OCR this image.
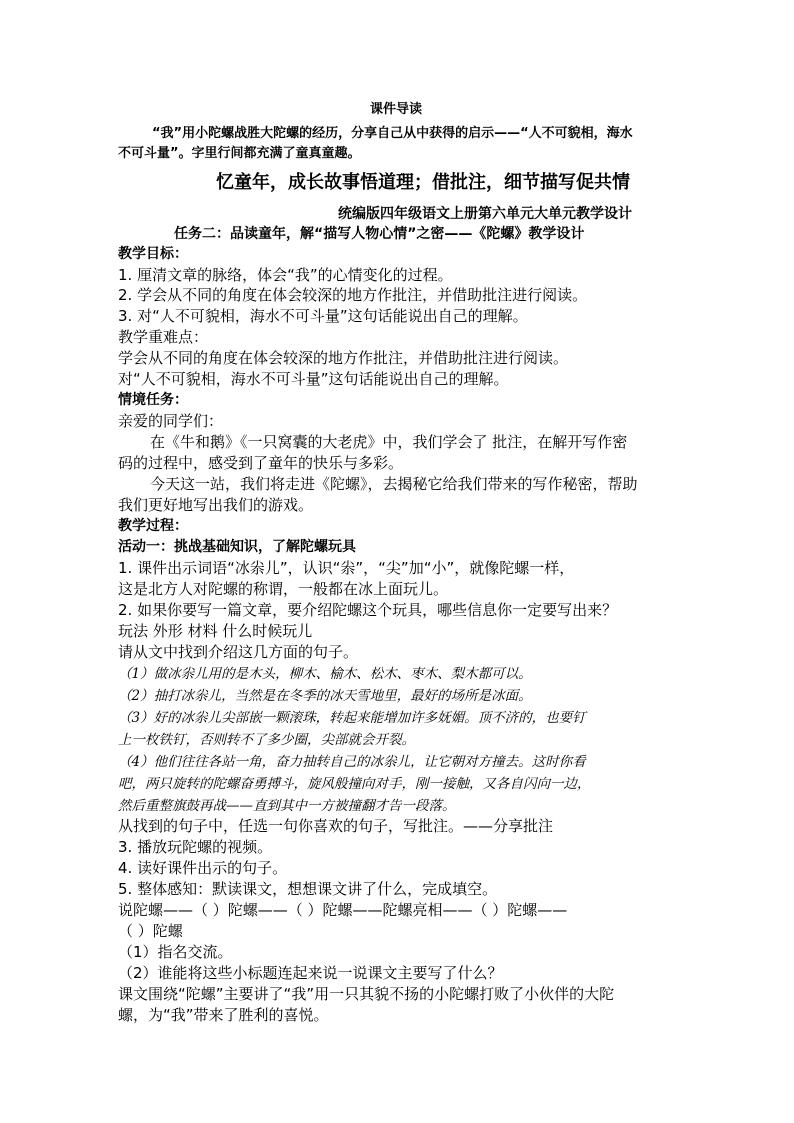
课件导读
“我”用小陀螺战胜大陀螺的经历，分享自己从中获得的启示——“人不可貌相，海水
不可斗量”。字里行间都充满了童真童趣。
忆童年，成长故事悟道理；借批注，细节描写促共情
统编版四年级语文上册第六单元大单元教学设计
任务二：品读童年，解“描写人物心情”之密——《陀螺》教学设计
教学目标：
1. 厘清文章的脉络，体会“我”的心情变化的过程。
2. 学会从不同的角度在体会较深的地方作批注，并借助批注进行阅读。
3. 对“人不可貌相，海水不可斗量”这句话能说出自己的理解。
教学重难点：
学会从不同的角度在体会较深的地方作批注，并借助批注进行阅读。
对“人不可貌相，海水不可斗量”这句话能说出自己的理解。
情境任务：
亲爱的同学们：
在《牛和鹅》《一只窝囊的大老虎》中，我们学会了 批注，在解开写作密
码的过程中，感受到了童年的快乐与多彩。
今天这一站，我们将走进《陀螺》，去揭秘它给我们带来的写作秘密，帮助
我们更好地写出我们的游戏。
教学过程：
活动一：挑战基础知识，了解陀螺玩具
1. 课件出示词语“冰尜儿”，认识“尜”，“尖”加“小”，就像陀螺一样，
这是北方人对陀螺的称谓，一般都在冰上面玩儿。
2. 如果你要写一篇文章，要介绍陀螺这个玩具，哪些信息你一定要写出来？
玩法 外形 材料 什么时候玩儿
请从文中找到介绍这几方面的句子。
（1）做冰尜儿用的是木头，柳木、榆木、松木、枣木、梨木都可以。
（2）抽打冰尜儿，当然是在冬季的冰天雪地里，最好的场所是冰面。
（3）好的冰尜儿尖部嵌一颗滚珠，转起来能增加许多妩媚。顶不济的，也要钉
上一枚铁钉，否则转不了多少圈，尖部就会开裂。
（4）他们往往各站一角，奋力抽转自己的冰尜儿，让它朝对方撞去。这时你看
吧，两只旋转的陀螺奋勇搏斗，旋风般撞向对手，刚一接触，又各自闪向一边，
然后重整旗鼓再战——直到其中一方被撞翻才告一段落。
从找到的句子中，任选一句你喜欢的句子，写批注。——分享批注
3. 播放玩陀螺的视频。
4. 读好课件出示的句子。
5. 整体感知：默读课文，想想课文讲了什么，完成填空。
说陀螺——（ ）陀螺——（ ）陀螺——陀螺亮相——（ ）陀螺——
（ ）陀螺
（1）指名交流。
（2）谁能将这些小标题连起来说一说课文主要写了什么？
课文围绕“陀螺”主要讲了“我”用一只其貌不扬的小陀螺打败了小伙伴的大陀
螺，为“我”带来了胜利的喜悦。
